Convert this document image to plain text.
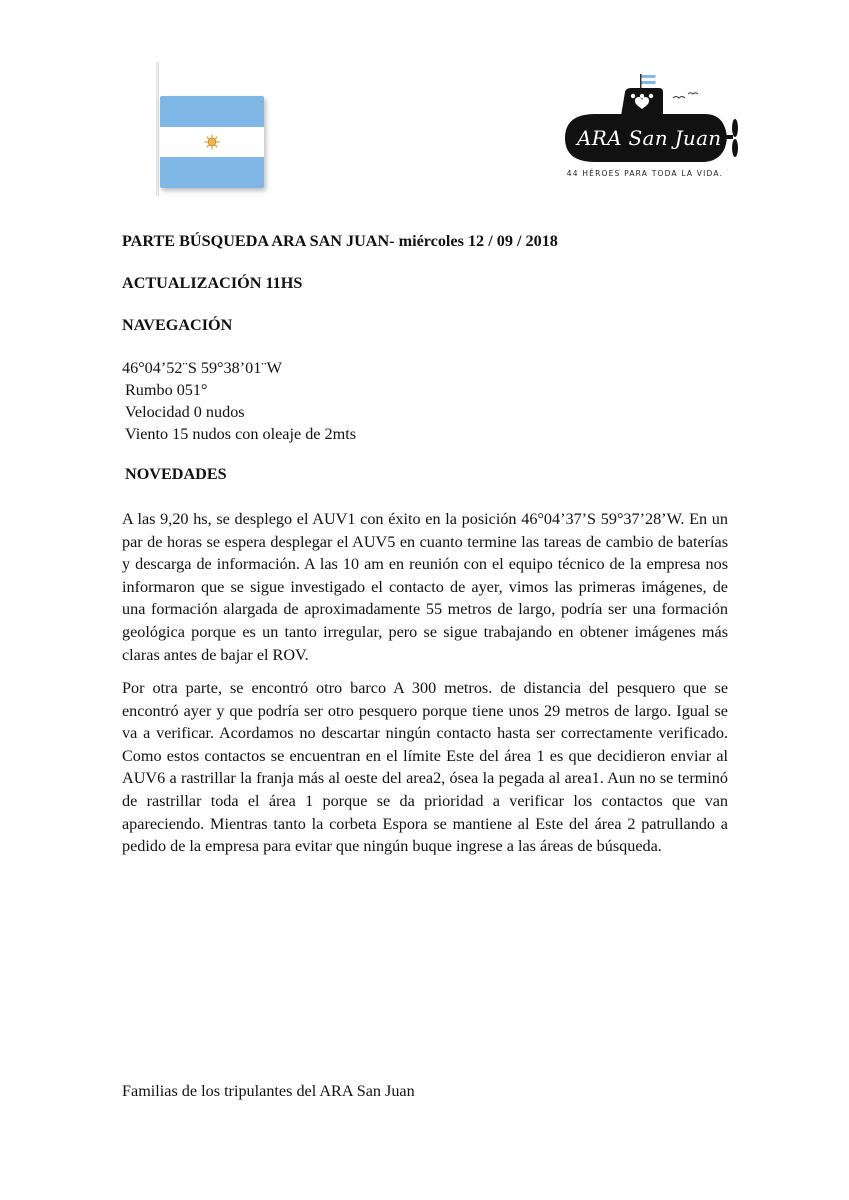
ARA San Juan
44 HÉROES PARA TODA LA VIDA.

PARTE BÚSQUEDA ARA SAN JUAN- miércoles 12 / 09 / 2018

ACTUALIZACIÓN 11HS

NAVEGACIÓN

46°04’52¨S 59°38’01¨W
Rumbo 051°
Velocidad 0 nudos
Viento 15 nudos con oleaje de 2mts

NOVEDADES

A las 9,20 hs, se desplego el AUV1 con éxito en la posición 46°04’37’S 59°37’28’W. En un par de horas se espera desplegar el AUV5 en cuanto termine las tareas de cambio de baterías y descarga de información. A las 10 am en reunión con el equipo técnico de la empresa nos informaron que se sigue investigado el contacto de ayer, vimos las primeras imágenes, de una formación alargada de aproximadamente 55 metros de largo, podría ser una formación geológica porque es un tanto irregular, pero se sigue trabajando en obtener imágenes más claras antes de bajar el ROV.

Por otra parte, se encontró otro barco A 300 metros. de distancia del pesquero que se encontró ayer y que podría ser otro pesquero porque tiene unos 29 metros de largo. Igual se va a verificar. Acordamos no descartar ningún contacto hasta ser correctamente verificado. Como estos contactos se encuentran en el límite Este del área 1 es que decidieron enviar al AUV6 a rastrillar la franja más al oeste del area2, ósea la pegada al area1. Aun no se terminó de rastrillar toda el área 1 porque se da prioridad a verificar los contactos que van apareciendo. Mientras tanto la corbeta Espora se mantiene al Este del área 2 patrullando a pedido de la empresa para evitar que ningún buque ingrese a las áreas de búsqueda.

Familias de los tripulantes del ARA San Juan
